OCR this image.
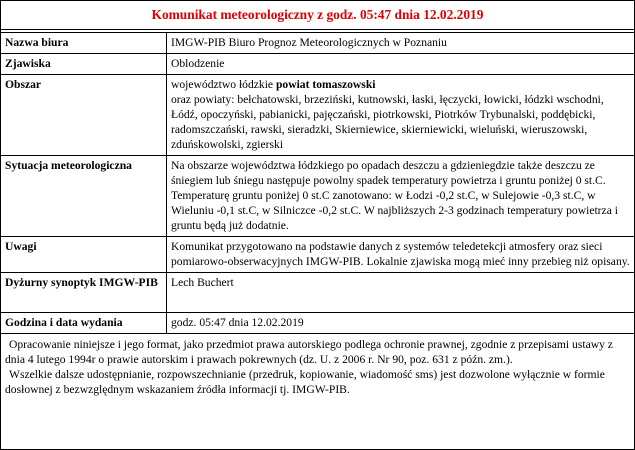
Komunikat meteorologiczny z godz. 05:47 dnia 12.02.2019
Nazwa biura	IMGW-PIB Biuro Prognoz Meteorologicznych w Poznaniu
Zjawiska	Oblodzenie
Obszar	województwo łódzkie powiat tomaszowski
oraz powiaty: bełchatowski, brzeziński, kutnowski, łaski, łęczycki, łowicki, łódzki wschodni, Łódź, opoczyński, pabianicki, pajęczański, piotrkowski, Piotrków Trybunalski, poddębicki, radomszczański, rawski, sieradzki, Skierniewice, skierniewicki, wieluński, wieruszowski, zduńskowolski, zgierski

Sytuacja meteorologiczna	Na obszarze województwa łódzkiego po opadach deszczu a gdzieniegdzie także deszczu ze śniegiem lub śniegu następuje powolny spadek temperatury powietrza i gruntu poniżej 0 st.C. Temperaturę gruntu poniżej 0 st.C zanotowano: w Łodzi -0,2 st.C, w Sulejowie -0,3 st.C, w Wieluniu -0,1 st.C, w Silniczce -0,2 st.C. W najbliższych 2-3 godzinach temperatury powietrza i gruntu będą już dodatnie.
Uwagi	Komunikat przygotowano na podstawie danych z systemów teledetekcji atmosfery oraz sieci pomiarowo-obserwacyjnych IMGW-PIB. Lokalnie zjawiska mogą mieć inny przebieg niż opisany.
Dyżurny synoptyk IMGW-PIB	Lech Buchert
Godzina i data wydania	godz. 05:47 dnia 12.02.2019

Opracowanie niniejsze i jego format, jako przedmiot prawa autorskiego podlega ochronie prawnej, zgodnie z przepisami ustawy z dnia 4 lutego 1994r o prawie autorskim i prawach pokrewnych (dz. U. z 2006 r. Nr 90, poz. 631 z późn. zm.).

Wszelkie dalsze udostępnianie, rozpowszechnianie (przedruk, kopiowanie, wiadomość sms) jest dozwolone wyłącznie w formie dosłownej z bezwzględnym wskazaniem źródła informacji tj. IMGW-PIB.
